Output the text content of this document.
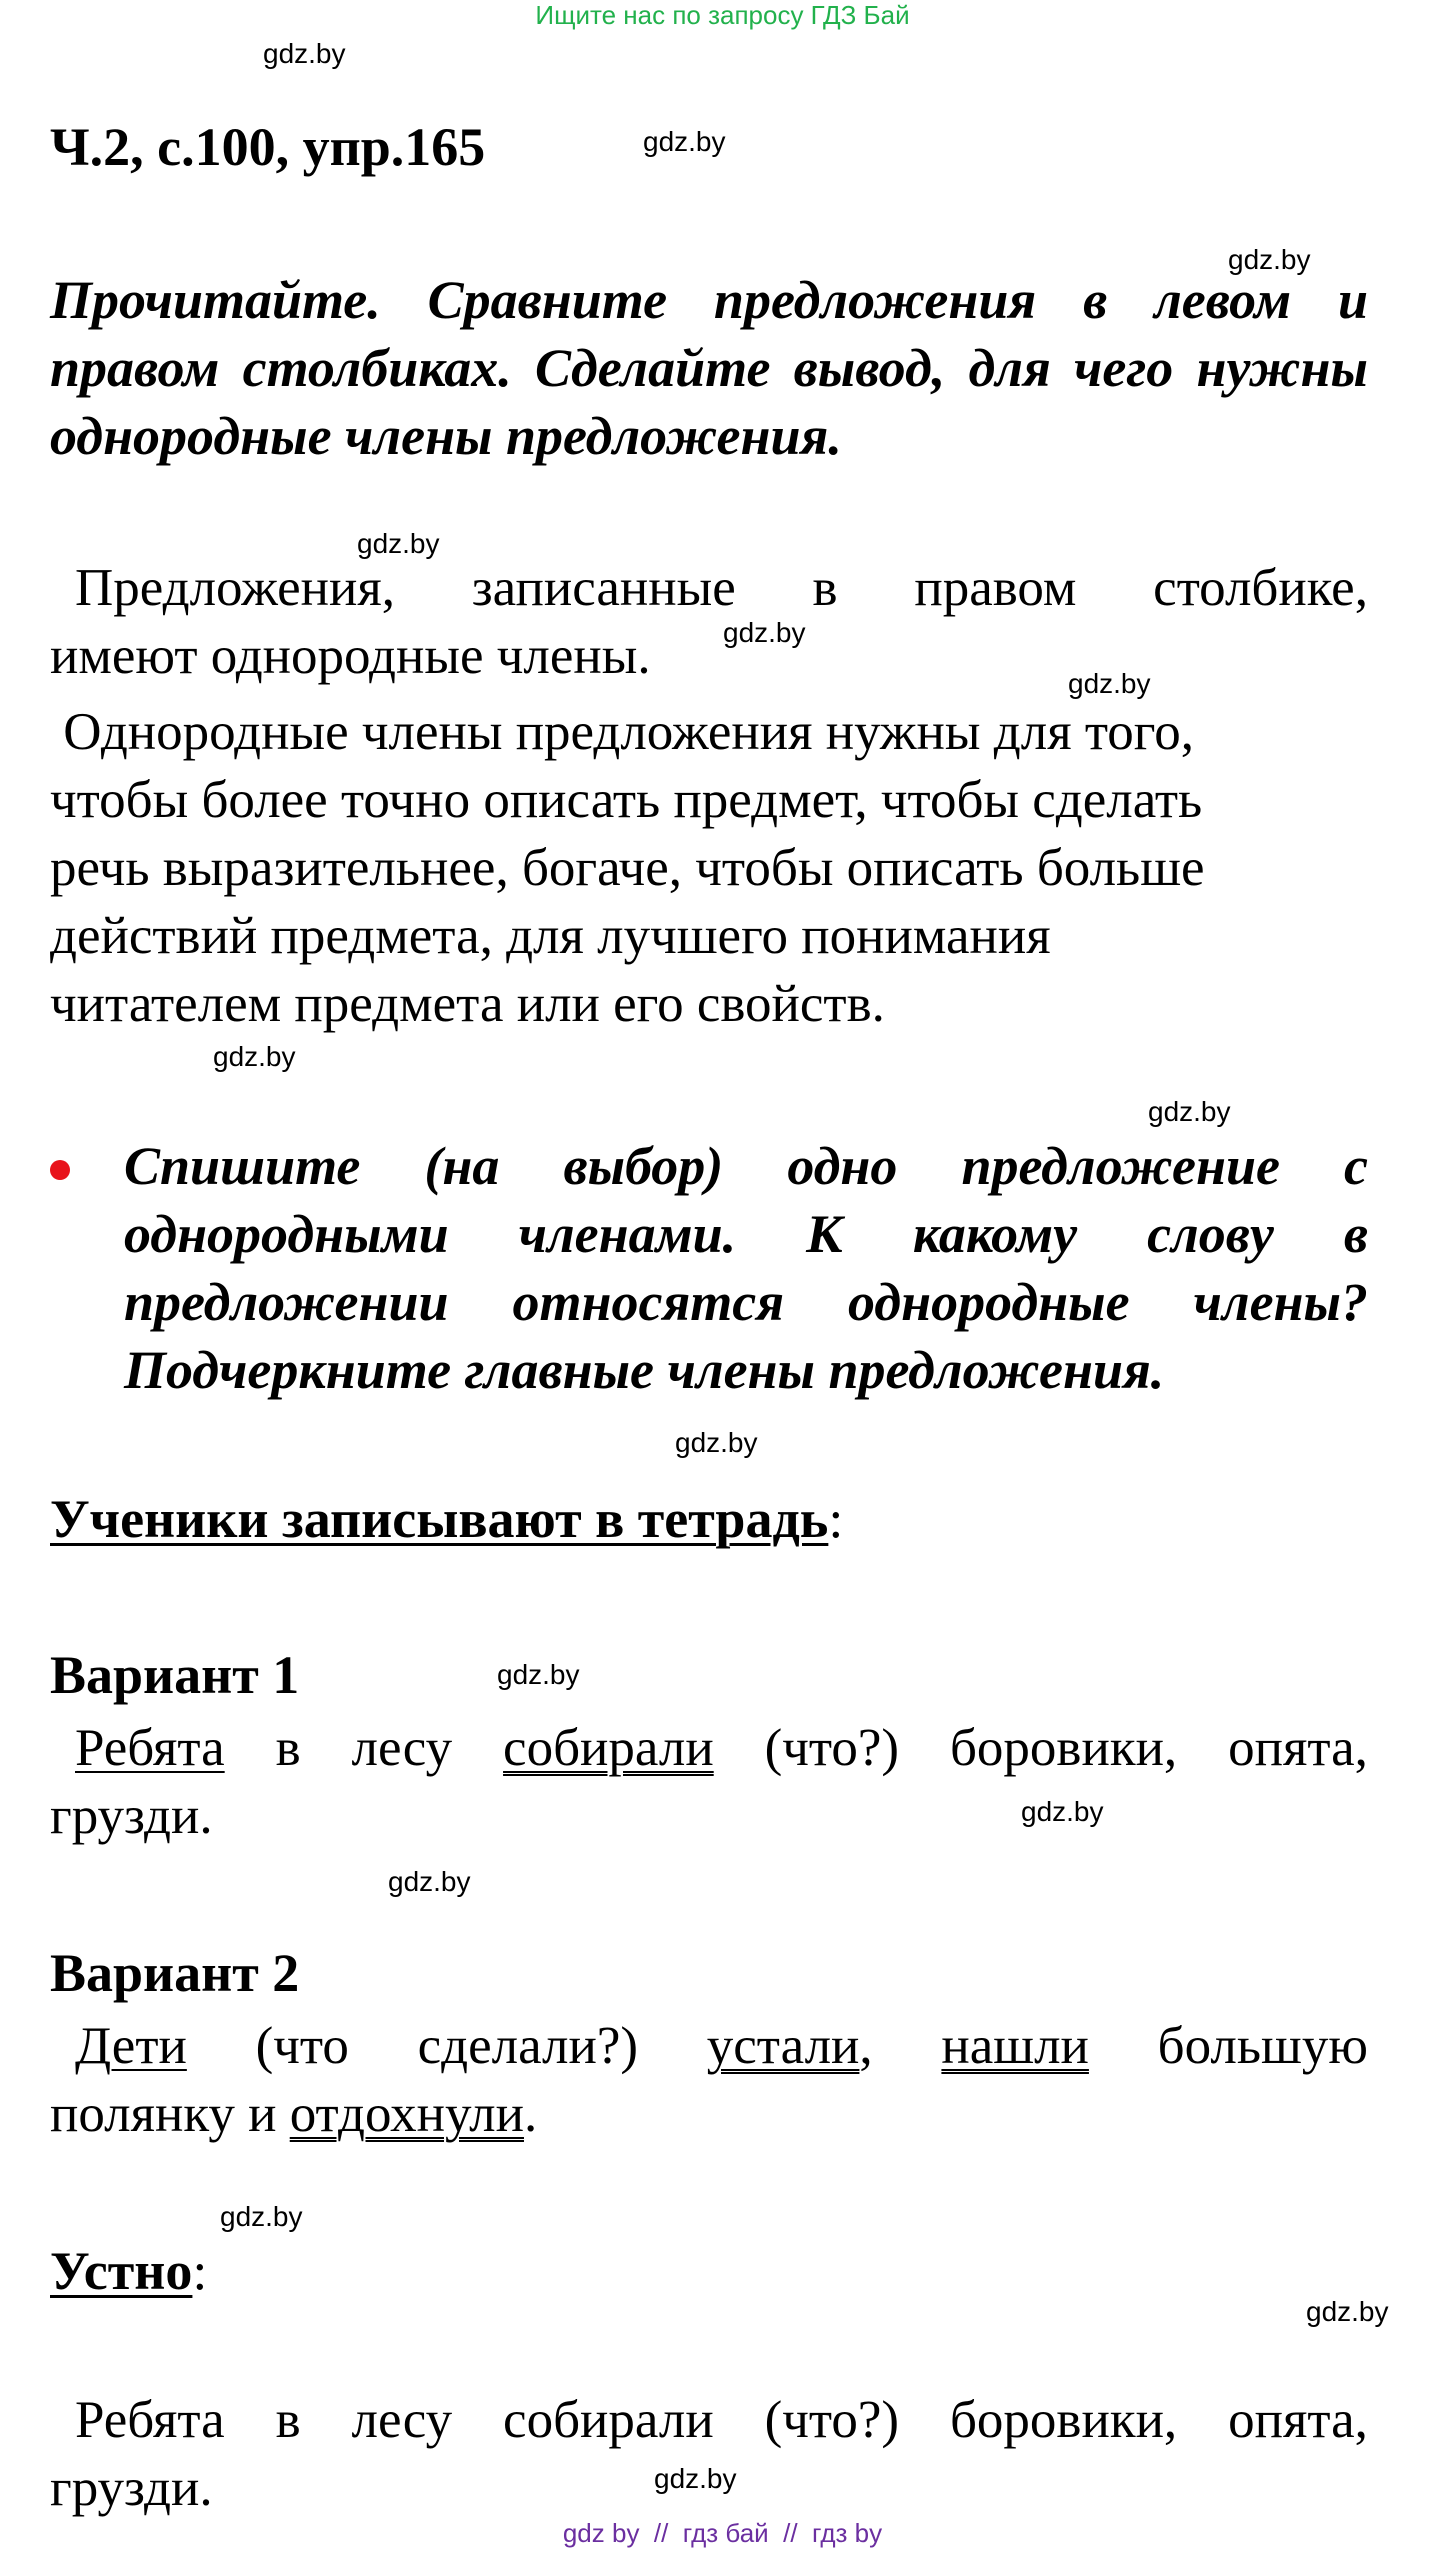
Ищите нас по запросу ГДЗ Бай
gdz.by
gdz.by
gdz.by
gdz.by
gdz.by
gdz.by
gdz.by
gdz.by
gdz.by
gdz.by
gdz.by
gdz.by
gdz.by
gdz.by
gdz.by
Ч.2, с.100, упр.165
Прочитайте. Сравните предложения в левом и правом столбиках. Сделайте вывод, для чего нужны однородные члены предложения.
Предложения, записанные в правом столбике,
имеют однородные члены.
Однородные члены предложения нужны для того,
чтобы более точно описать предмет, чтобы сделать
речь выразительнее, богаче, чтобы описать больше
действий предмета, для лучшего понимания
читателем предмета или его свойств.
Спишите (на выбор) одно предложение с однородными членами. К какому слову в предложении относятся однородные члены? Подчеркните главные члены предложения.
Ученики записывают в тетрадь:
Вариант 1
Ребята в лесу собирали (что?) боровики, опята,
грузди.
Вариант 2
Дети (что сделали?) устали, нашли большую
полянку и отдохнули.
Устно:
Ребята в лесу собирали (что?) боровики, опята,
грузди.
gdz by  //  гдз бай  //  гдз by
